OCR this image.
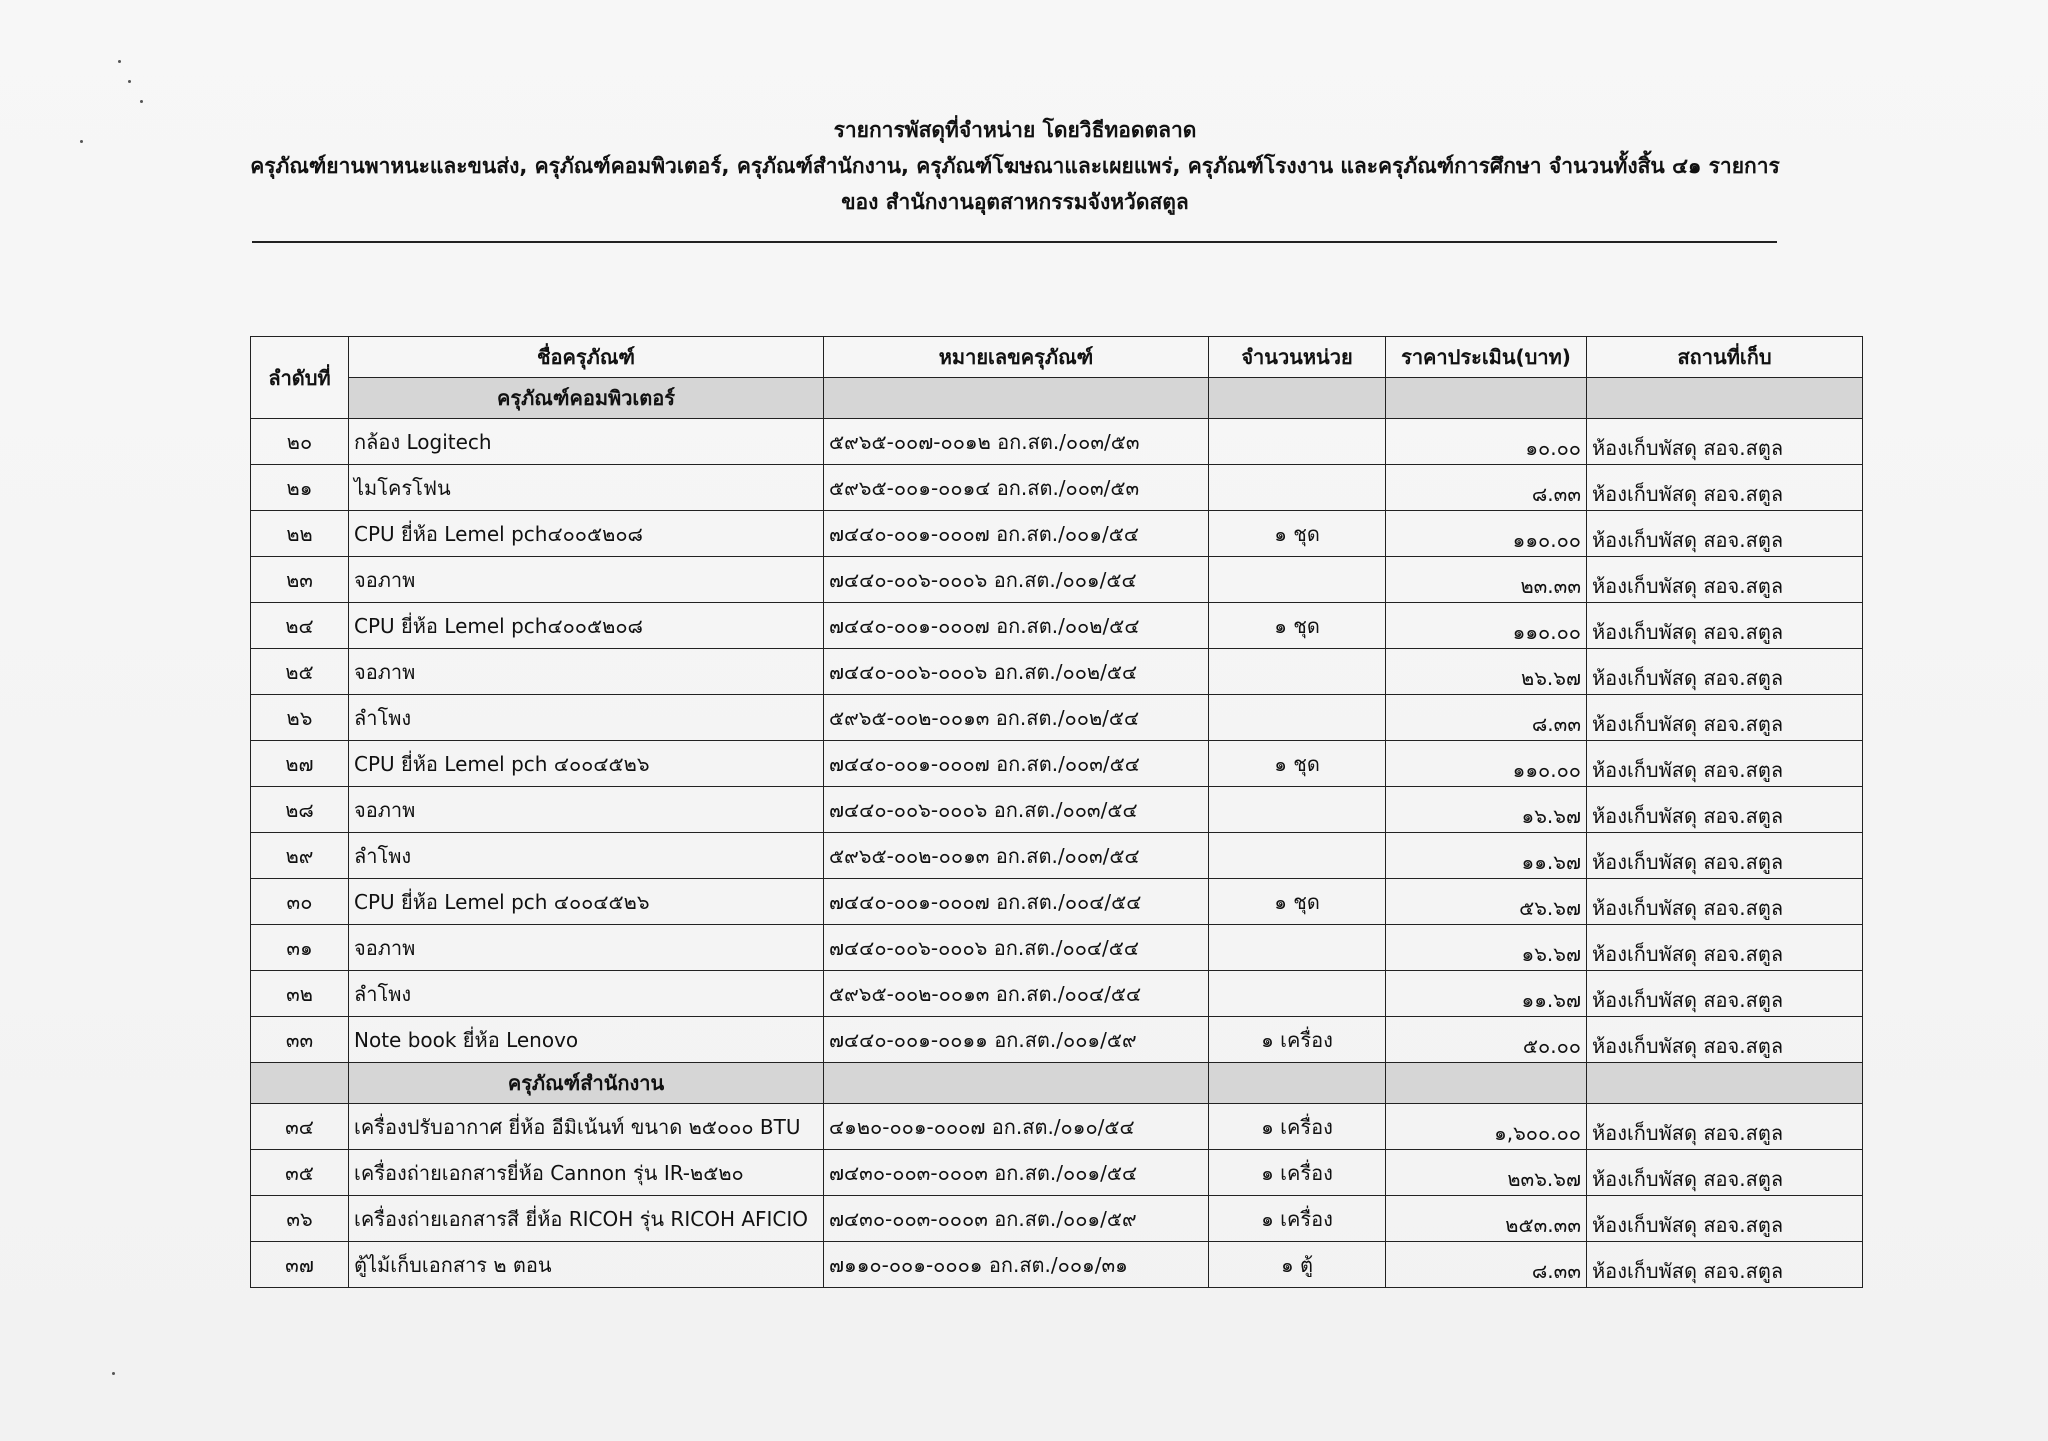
รายการพัสดุที่จำหน่าย โดยวิธีทอดตลาด
ครุภัณฑ์ยานพาหนะและขนส่ง, ครุภัณฑ์คอมพิวเตอร์, ครุภัณฑ์สำนักงาน, ครุภัณฑ์โฆษณาและเผยแพร่, ครุภัณฑ์โรงงาน และครุภัณฑ์การศึกษา จำนวนทั้งสิ้น ๔๑ รายการ
ของ สำนักงานอุตสาหกรรมจังหวัดสตูล
ลำดับที่	ชื่อครุภัณฑ์	หมายเลขครุภัณฑ์	จำนวนหน่วย	ราคาประเมิน(บาท)	สถานที่เก็บ
	ครุภัณฑ์คอมพิวเตอร์				
๒๐	กล้อง Logitech	๕๙๖๕-๐๐๗-๐๐๑๒ อก.สต./๐๐๓/๕๓		๑๐.๐๐	ห้องเก็บพัสดุ สอจ.สตูล
๒๑	ไมโครโฟน	๕๙๖๕-๐๐๑-๐๐๑๔ อก.สต./๐๐๓/๕๓		๘.๓๓	ห้องเก็บพัสดุ สอจ.สตูล
๒๒	CPU ยี่ห้อ Lemel pch๔๐๐๕๒๐๘	๗๔๔๐-๐๐๑-๐๐๐๗ อก.สต./๐๐๑/๕๔	๑ ชุด	๑๑๐.๐๐	ห้องเก็บพัสดุ สอจ.สตูล
๒๓	จอภาพ	๗๔๔๐-๐๐๖-๐๐๐๖ อก.สต./๐๐๑/๕๔		๒๓.๓๓	ห้องเก็บพัสดุ สอจ.สตูล
๒๔	CPU ยี่ห้อ Lemel pch๔๐๐๕๒๐๘	๗๔๔๐-๐๐๑-๐๐๐๗ อก.สต./๐๐๒/๕๔	๑ ชุด	๑๑๐.๐๐	ห้องเก็บพัสดุ สอจ.สตูล
๒๕	จอภาพ	๗๔๔๐-๐๐๖-๐๐๐๖ อก.สต./๐๐๒/๕๔		๒๖.๖๗	ห้องเก็บพัสดุ สอจ.สตูล
๒๖	ลำโพง	๕๙๖๕-๐๐๒-๐๐๑๓ อก.สต./๐๐๒/๕๔		๘.๓๓	ห้องเก็บพัสดุ สอจ.สตูล
๒๗	CPU ยี่ห้อ Lemel pch ๔๐๐๔๕๒๖	๗๔๔๐-๐๐๑-๐๐๐๗ อก.สต./๐๐๓/๕๔	๑ ชุด	๑๑๐.๐๐	ห้องเก็บพัสดุ สอจ.สตูล
๒๘	จอภาพ	๗๔๔๐-๐๐๖-๐๐๐๖ อก.สต./๐๐๓/๕๔		๑๖.๖๗	ห้องเก็บพัสดุ สอจ.สตูล
๒๙	ลำโพง	๕๙๖๕-๐๐๒-๐๐๑๓ อก.สต./๐๐๓/๕๔		๑๑.๖๗	ห้องเก็บพัสดุ สอจ.สตูล
๓๐	CPU ยี่ห้อ Lemel pch ๔๐๐๔๕๒๖	๗๔๔๐-๐๐๑-๐๐๐๗ อก.สต./๐๐๔/๕๔	๑ ชุด	๕๖.๖๗	ห้องเก็บพัสดุ สอจ.สตูล
๓๑	จอภาพ	๗๔๔๐-๐๐๖-๐๐๐๖ อก.สต./๐๐๔/๕๔		๑๖.๖๗	ห้องเก็บพัสดุ สอจ.สตูล
๓๒	ลำโพง	๕๙๖๕-๐๐๒-๐๐๑๓ อก.สต./๐๐๔/๕๔		๑๑.๖๗	ห้องเก็บพัสดุ สอจ.สตูล
๓๓	Note book ยี่ห้อ Lenovo	๗๔๔๐-๐๐๑-๐๐๑๑ อก.สต./๐๐๑/๕๙	๑ เครื่อง	๕๐.๐๐	ห้องเก็บพัสดุ สอจ.สตูล
	ครุภัณฑ์สำนักงาน				
๓๔	เครื่องปรับอากาศ ยี่ห้อ อีมิเน้นท์ ขนาด ๒๕๐๐๐ BTU	๔๑๒๐-๐๐๑-๐๐๐๗ อก.สต./๐๑๐/๕๔	๑ เครื่อง	๑,๖๐๐.๐๐	ห้องเก็บพัสดุ สอจ.สตูล
๓๕	เครื่องถ่ายเอกสารยี่ห้อ Cannon รุ่น IR-๒๕๒๐	๗๔๓๐-๐๐๓-๐๐๐๓ อก.สต./๐๐๑/๕๔	๑ เครื่อง	๒๓๖.๖๗	ห้องเก็บพัสดุ สอจ.สตูล
๓๖	เครื่องถ่ายเอกสารสี ยี่ห้อ RICOH รุ่น RICOH AFICIO	๗๔๓๐-๐๐๓-๐๐๐๓ อก.สต./๐๐๑/๕๙	๑ เครื่อง	๒๕๓.๓๓	ห้องเก็บพัสดุ สอจ.สตูล
๓๗	ตู้ไม้เก็บเอกสาร ๒ ตอน	๗๑๑๐-๐๐๑-๐๐๐๑ อก.สต./๐๐๑/๓๑	๑ ตู้	๘.๓๓	ห้องเก็บพัสดุ สอจ.สตูล
